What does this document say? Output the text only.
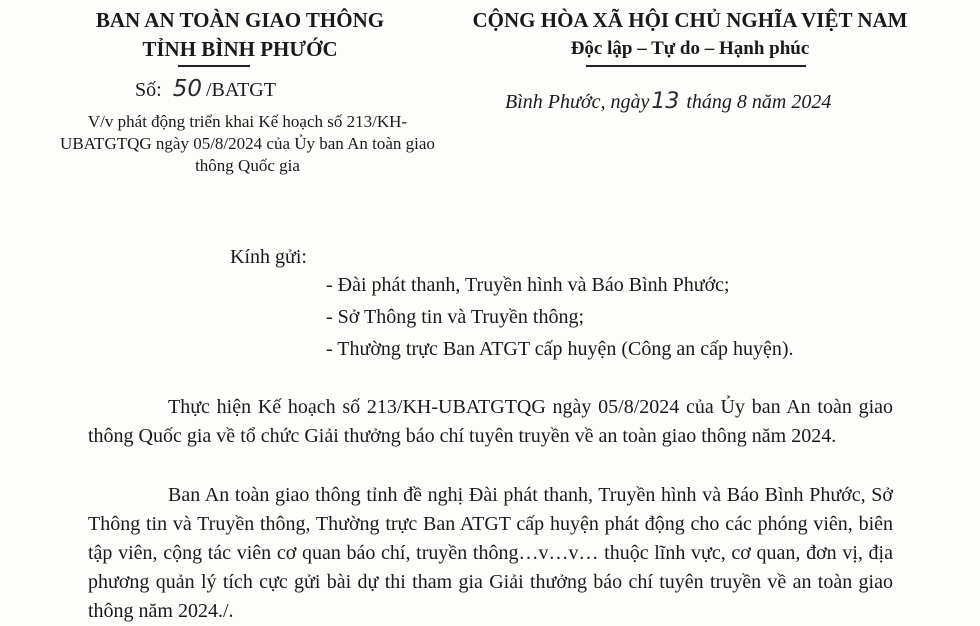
BAN AN TOÀN GIAO THÔNG
TỈNH BÌNH PHƯỚC
Số: 50 /BATGT
V/v phát động triển khai Kế hoạch số 213/KH-UBATGTQG ngày 05/8/2024 của Ủy ban An toàn giao thông Quốc gia
CỘNG HÒA XÃ HỘI CHỦ NGHĨA VIỆT NAM
Độc lập – Tự do – Hạnh phúc
Bình Phước, ngày13 tháng 8 năm 2024
Kính gửi:
- Đài phát thanh, Truyền hình và Báo Bình Phước;
- Sở Thông tin và Truyền thông;
- Thường trực Ban ATGT cấp huyện (Công an cấp huyện).

Thực hiện Kế hoạch số 213/KH-UBATGTQG ngày 05/8/2024 của Ủy ban An toàn giao thông Quốc gia về tổ chức Giải thưởng báo chí tuyên truyền về an toàn giao thông năm 2024.

Ban An toàn giao thông tỉnh đề nghị Đài phát thanh, Truyền hình và Báo Bình Phước, Sở Thông tin và Truyền thông, Thường trực Ban ATGT cấp huyện phát động cho các phóng viên, biên tập viên, cộng tác viên cơ quan báo chí, truyền thông…v…v… thuộc lĩnh vực, cơ quan, đơn vị, địa phương quản lý tích cực gửi bài dự thi tham gia Giải thưởng báo chí tuyên truyền về an toàn giao thông năm 2024./.
